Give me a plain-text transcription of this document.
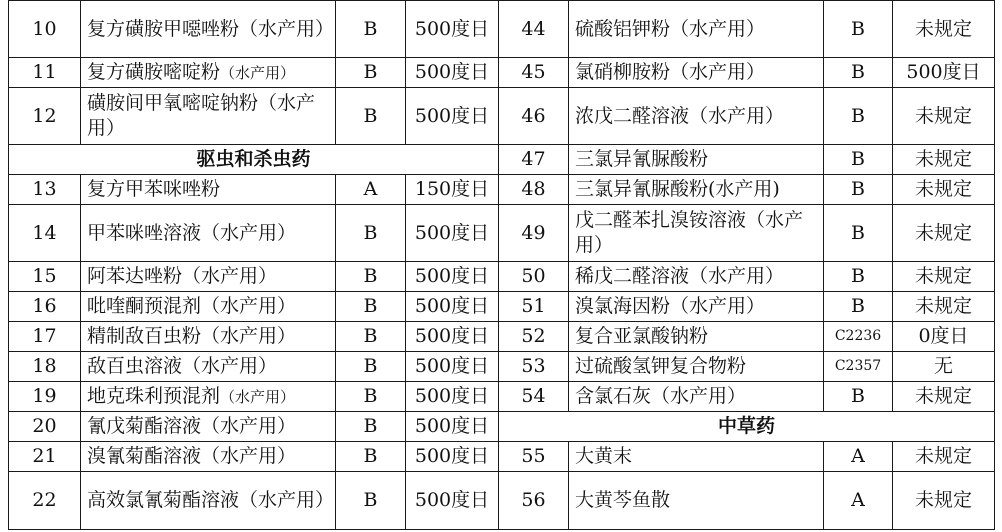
10	复方磺胺甲噁唑粉（水产用）	B	500度日	44	硫酸铝钾粉（水产用）	B	未规定
11	复方磺胺嘧啶粉（水产用）	B	500度日	45	氯硝柳胺粉（水产用）	B	500度日
12	磺胺间甲氧嘧啶钠粉（水产用）	B	500度日	46	浓戊二醛溶液（水产用）	B	未规定
驱虫和杀虫药				47	三氯异氰脲酸粉	B	未规定
13	复方甲苯咪唑粉	A	150度日	48	三氯异氰脲酸粉(水产用)	B	未规定
14	甲苯咪唑溶液（水产用）	B	500度日	49	戊二醛苯扎溴铵溶液（水产用）	B	未规定
15	阿苯达唑粉（水产用）	B	500度日	50	稀戊二醛溶液（水产用）	B	未规定
16	吡喹酮预混剂（水产用）	B	500度日	51	溴氯海因粉（水产用）	B	未规定
17	精制敌百虫粉（水产用）	B	500度日	52	复合亚氯酸钠粉	C2236	0度日
18	敌百虫溶液（水产用）	B	500度日	53	过硫酸氢钾复合物粉	C2357	无
19	地克珠利预混剂（水产用）	B	500度日	54	含氯石灰（水产用）	B	未规定
20	氰戊菊酯溶液（水产用）	B	500度日	中草药			
21	溴氰菊酯溶液（水产用）	B	500度日	55	大黄末	A	未规定
22	高效氯氰菊酯溶液（水产用）	B	500度日	56	大黄芩鱼散	A	未规定
